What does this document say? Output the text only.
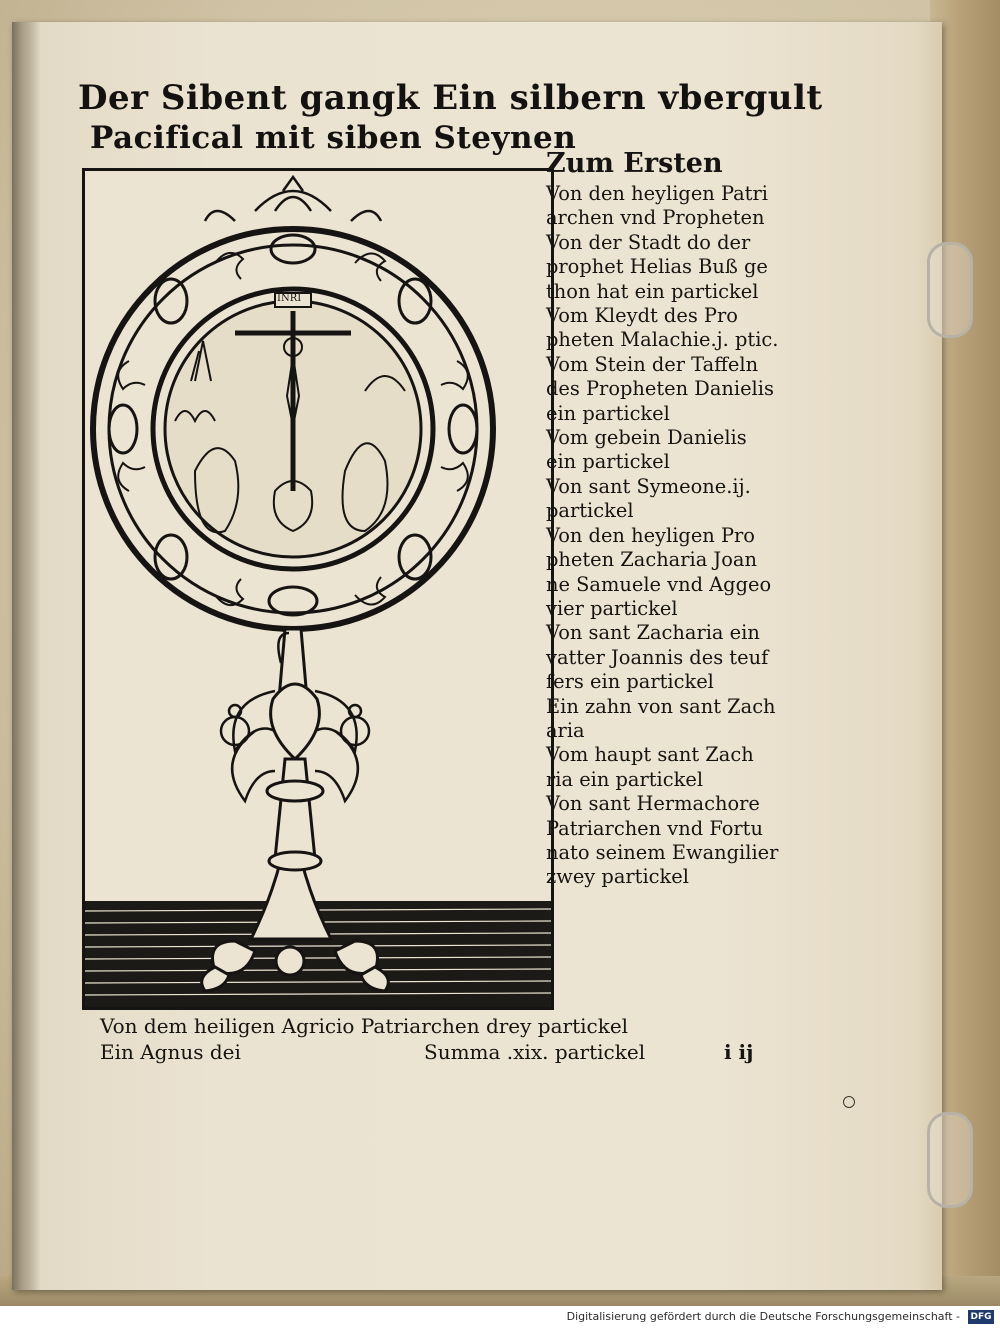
Der Sibent gangk Ein silbern vbergult
Pacifical mit siben Steynen
INRI
Zum Ersten
Von den heyligen Patri
archen vnd Propheten
Von der Stadt do der
prophet Helias Buß ge
thon hat ein partickel
Vom Kleydt des Pro
pheten Malachie.j. ptic.
Vom Stein der Taffeln
des Propheten Danielis
ein partickel
Vom gebein Danielis
ein partickel
Von sant Symeone.ij.
partickel
Von den heyligen Pro
pheten Zacharia Joan
ne Samuele vnd Aggeo
vier partickel
Von sant Zacharia ein
vatter Joannis des teuf
fers ein partickel
Ein zahn von sant Zach
aria
Vom haupt sant Zach
ria ein partickel
Von sant Hermachore
Patriarchen vnd Fortu
nato seinem Ewangilier
zwey partickel
Von dem heiligen Agricio Patriarchen drey partickel
Ein Agnus dei	Summa .xix. partickel	i ij
Digitalisierung gefördert durch die Deutsche Forschungsgemeinschaft - DFG
